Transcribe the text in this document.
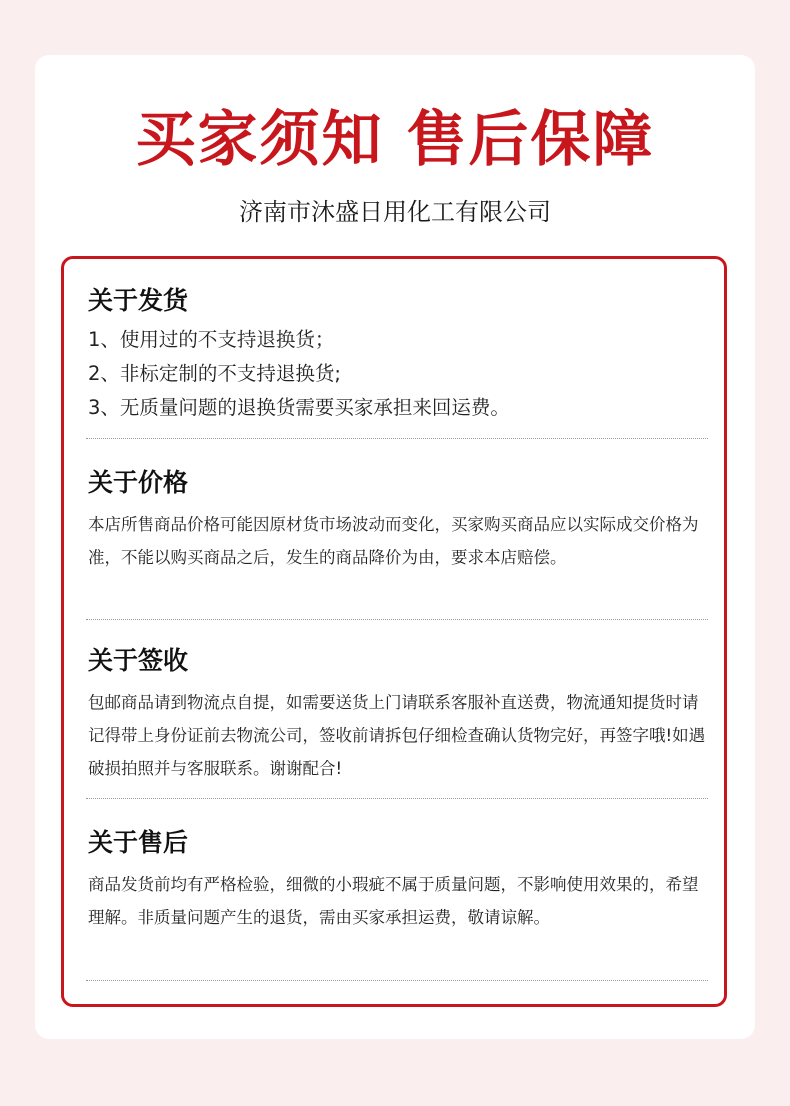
买家须知 售后保障
济南市沐盛日用化工有限公司
关于发货
1、使用过的不支持退换货；
2、非标定制的不支持退换货;
3、无质量问题的退换货需要买家承担来回运费。
关于价格

本店所售商品价格可能因原材货市场波动而变化，买家购买商品应以实际成交价格为准，不能以购买商品之后，发生的商品降价为由，要求本店赔偿。

关于签收

包邮商品请到物流点自提，如需要送货上门请联系客服补直送费，物流通知提货时请记得带上身份证前去物流公司，签收前请拆包仔细检查确认货物完好，再签字哦!如遇破损拍照并与客服联系。谢谢配合!

关于售后

商品发货前均有严格检验，细微的小瑕疵不属于质量问题，不影响使用效果的，希望理解。非质量问题产生的退货，需由买家承担运费，敬请谅解。
